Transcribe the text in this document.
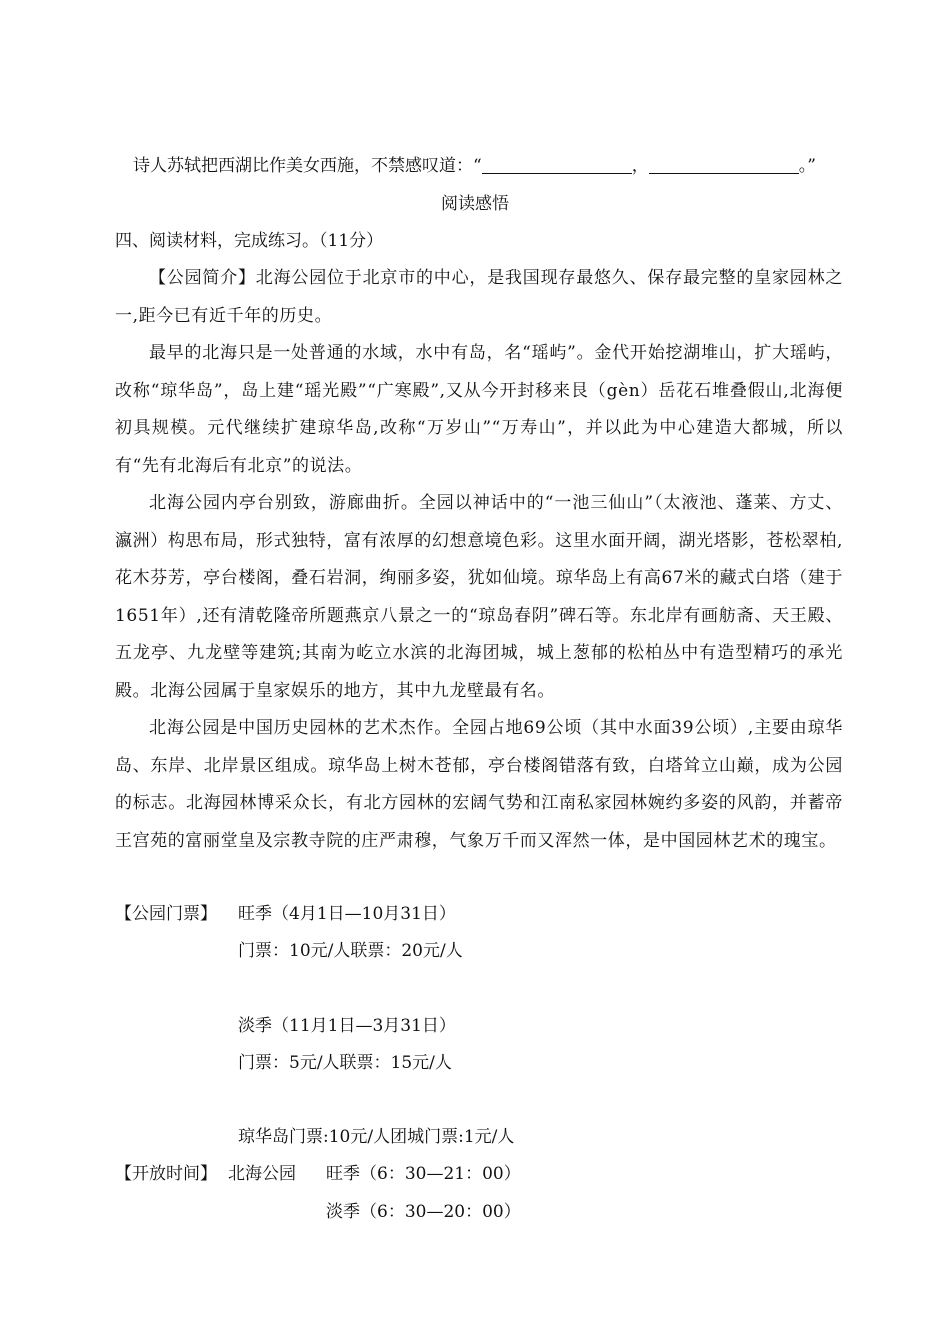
诗人苏轼把西湖比作美女西施，不禁感叹道：“	，	。”
阅读感悟
四、阅读材料，完成练习。（11分）
【公园简介】北海公园位于北京市的中心，是我国现存最悠久、保存最完整的皇家园林之一,距今已有近千年的历史。
最早的北海只是一处普通的水域，水中有岛，名“瑶屿”。金代开始挖湖堆山，扩大瑶屿，改称“琼华岛”，岛上建“瑶光殿”“广寒殿”,又从今开封移来艮（gèn）岳花石堆叠假山,北海便初具规模。元代继续扩建琼华岛,改称“万岁山”“万寿山”，并以此为中心建造大都城，所以有“先有北海后有北京”的说法。
北海公园内亭台别致，游廊曲折。全园以神话中的“一池三仙山”（太液池、蓬莱、方丈、瀛洲）构思布局，形式独特，富有浓厚的幻想意境色彩。这里水面开阔，湖光塔影，苍松翠柏,花木芬芳，亭台楼阁，叠石岩洞，绚丽多姿，犹如仙境。琼华岛上有高67米的藏式白塔（建于1651年）,还有清乾隆帝所题燕京八景之一的“琼岛春阴”碑石等。东北岸有画舫斋、天王殿、五龙亭、九龙壁等建筑;其南为屹立水滨的北海团城，城上葱郁的松柏丛中有造型精巧的承光殿。北海公园属于皇家娱乐的地方，其中九龙壁最有名。
北海公园是中国历史园林的艺术杰作。全园占地69公顷（其中水面39公顷）,主要由琼华岛、东岸、北岸景区组成。琼华岛上树木苍郁，亭台楼阁错落有致，白塔耸立山巅，成为公园的标志。北海园林博采众长，有北方园林的宏阔气势和江南私家园林婉约多姿的风韵，并蓄帝王宫苑的富丽堂皇及宗教寺院的庄严肃穆，气象万千而又浑然一体，是中国园林艺术的瑰宝。
【公园门票】 旺季（4月1日—10月31日）
门票：10元/人联票：20元/人
淡季（11月1日—3月31日）
门票：5元/人联票：15元/人
琼华岛门票:10元/人团城门票:1元/人
【开放时间】 北海公园 旺季（6：30—21：00）
淡季（6：30—20：00）
